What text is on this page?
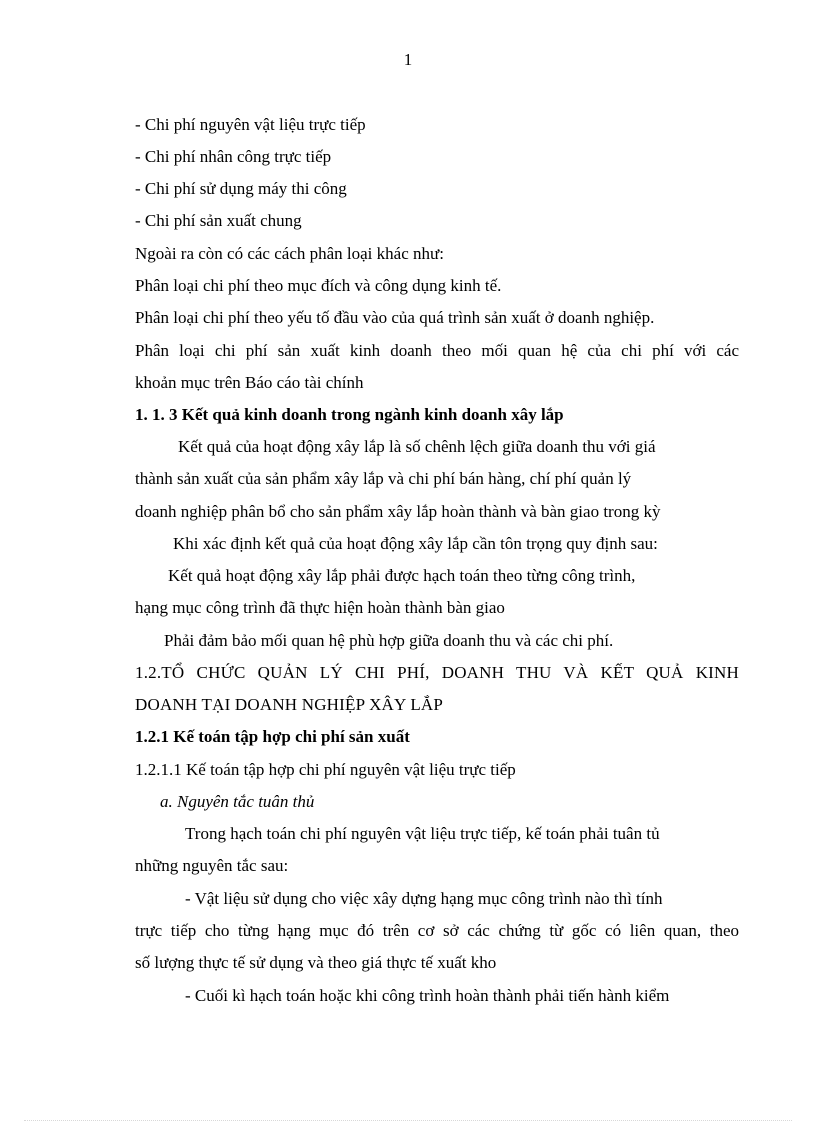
1
- Chi phí nguyên vật liệu trực tiếp
- Chi phí nhân công trực tiếp
- Chi phí sử dụng máy thi công
- Chi phí sản xuất chung
Ngoài ra còn có các cách phân loại khác như:
Phân loại chi phí theo mục đích và công dụng kinh tế.
Phân loại chi phí theo yếu tố đầu vào của quá trình sản xuất ở doanh nghiệp.
Phân loại chi phí sản xuất kinh doanh theo mối quan hệ của chi phí với các
khoản mục trên Báo cáo tài chính
1. 1. 3 Kết quả kinh doanh trong ngành kinh doanh xây lắp
Kết quả của hoạt động xây lắp là số chênh lệch giữa doanh thu với giá
thành sản xuất của sản phẩm xây lắp và chi phí bán hàng, chí phí quản lý
doanh nghiệp phân bổ cho sản phẩm xây lắp hoàn thành và bàn giao trong kỳ
Khi xác định kết quả của hoạt động xây lắp cần tôn trọng quy định sau:
Kết quả hoạt động xây lắp phải được hạch toán theo từng công trình,
hạng mục công trình đã thực hiện hoàn thành bàn giao
Phải đảm bảo mối quan hệ phù hợp giữa doanh thu và các chi phí.
1.2.TỔ CHỨC QUẢN LÝ CHI PHÍ, DOANH THU VÀ KẾT QUẢ KINH
DOANH TẠI DOANH NGHIỆP XÂY LẮP
1.2.1 Kế toán tập hợp chi phí sản xuất
1.2.1.1 Kế toán tập hợp chi phí nguyên vật liệu trực tiếp
a. Nguyên tắc tuân thủ
Trong hạch toán chi phí nguyên vật liệu trực tiếp, kế toán phải tuân tủ
những nguyên tắc sau:
- Vật liệu sử dụng cho việc xây dựng hạng mục công trình nào thì tính
trực tiếp cho từng hạng mục đó trên cơ sở các chứng từ gốc có liên quan, theo
số lượng thực tế sử dụng và theo giá thực tế xuất kho
- Cuối kì hạch toán hoặc khi công trình hoàn thành phải tiến hành kiểm
